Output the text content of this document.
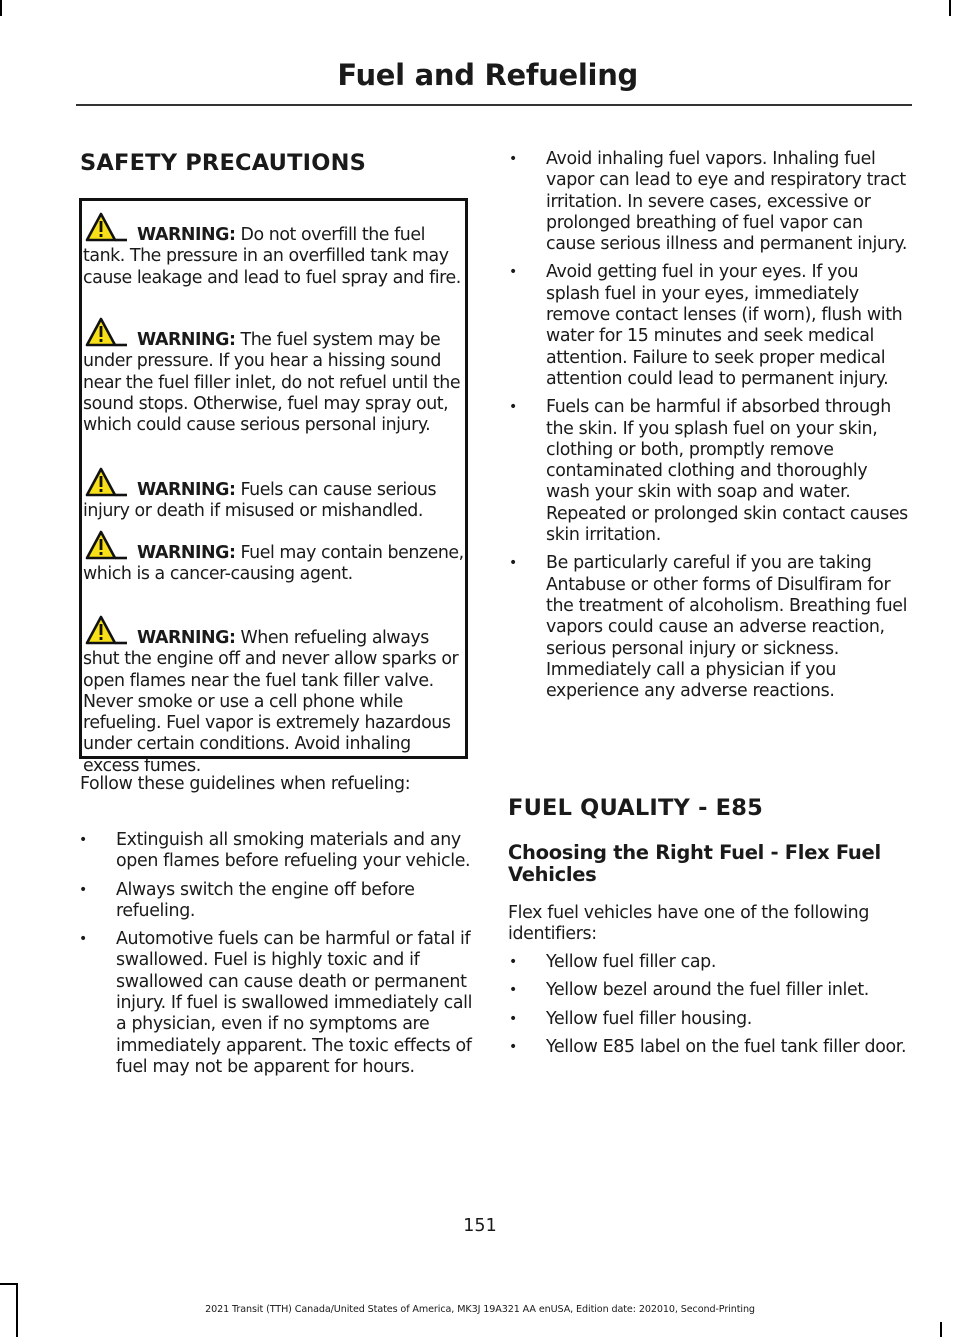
Fuel and Refueling
SAFETY PRECAUTIONS
WARNING: Do not overfill the fuel tank. The pressure in an overfilled tank may cause leakage and lead to fuel spray and fire.
WARNING: The fuel system may be under pressure. If you hear a hissing sound near the fuel filler inlet, do not refuel until the sound stops. Otherwise, fuel may spray out, which could cause serious personal injury.
WARNING: Fuels can cause serious injury or death if misused or mishandled.
WARNING: Fuel may contain benzene, which is a cancer-causing agent.
WARNING: When refueling always shut the engine off and never allow sparks or open flames near the fuel tank filler valve. Never smoke or use a cell phone while refueling. Fuel vapor is extremely hazardous under certain conditions. Avoid inhaling excess fumes.
Follow these guidelines when refueling:
• Extinguish all smoking materials and any open flames before refueling your vehicle.
• Always switch the engine off before refueling.
• Automotive fuels can be harmful or fatal if swallowed. Fuel is highly toxic and if swallowed can cause death or permanent injury. If fuel is swallowed immediately call a physician, even if no symptoms are immediately apparent. The toxic effects of fuel may not be apparent for hours.
• Avoid inhaling fuel vapors. Inhaling fuel vapor can lead to eye and respiratory tract irritation. In severe cases, excessive or prolonged breathing of fuel vapor can cause serious illness and permanent injury.
• Avoid getting fuel in your eyes. If you splash fuel in your eyes, immediately remove contact lenses (if worn), flush with water for 15 minutes and seek medical attention. Failure to seek proper medical attention could lead to permanent injury.
• Fuels can be harmful if absorbed through the skin. If you splash fuel on your skin, clothing or both, promptly remove contaminated clothing and thoroughly wash your skin with soap and water. Repeated or prolonged skin contact causes skin irritation.
• Be particularly careful if you are taking Antabuse or other forms of Disulfiram for the treatment of alcoholism. Breathing fuel vapors could cause an adverse reaction, serious personal injury or sickness. Immediately call a physician if you experience any adverse reactions.
FUEL QUALITY - E85
Choosing the Right Fuel - Flex Fuel Vehicles
Flex fuel vehicles have one of the following identifiers:
• Yellow fuel filler cap.
• Yellow bezel around the fuel filler inlet.
• Yellow fuel filler housing.
• Yellow E85 label on the fuel tank filler door.
151
2021 Transit (TTH) Canada/United States of America, MK3J 19A321 AA enUSA, Edition date: 202010, Second-Printing
